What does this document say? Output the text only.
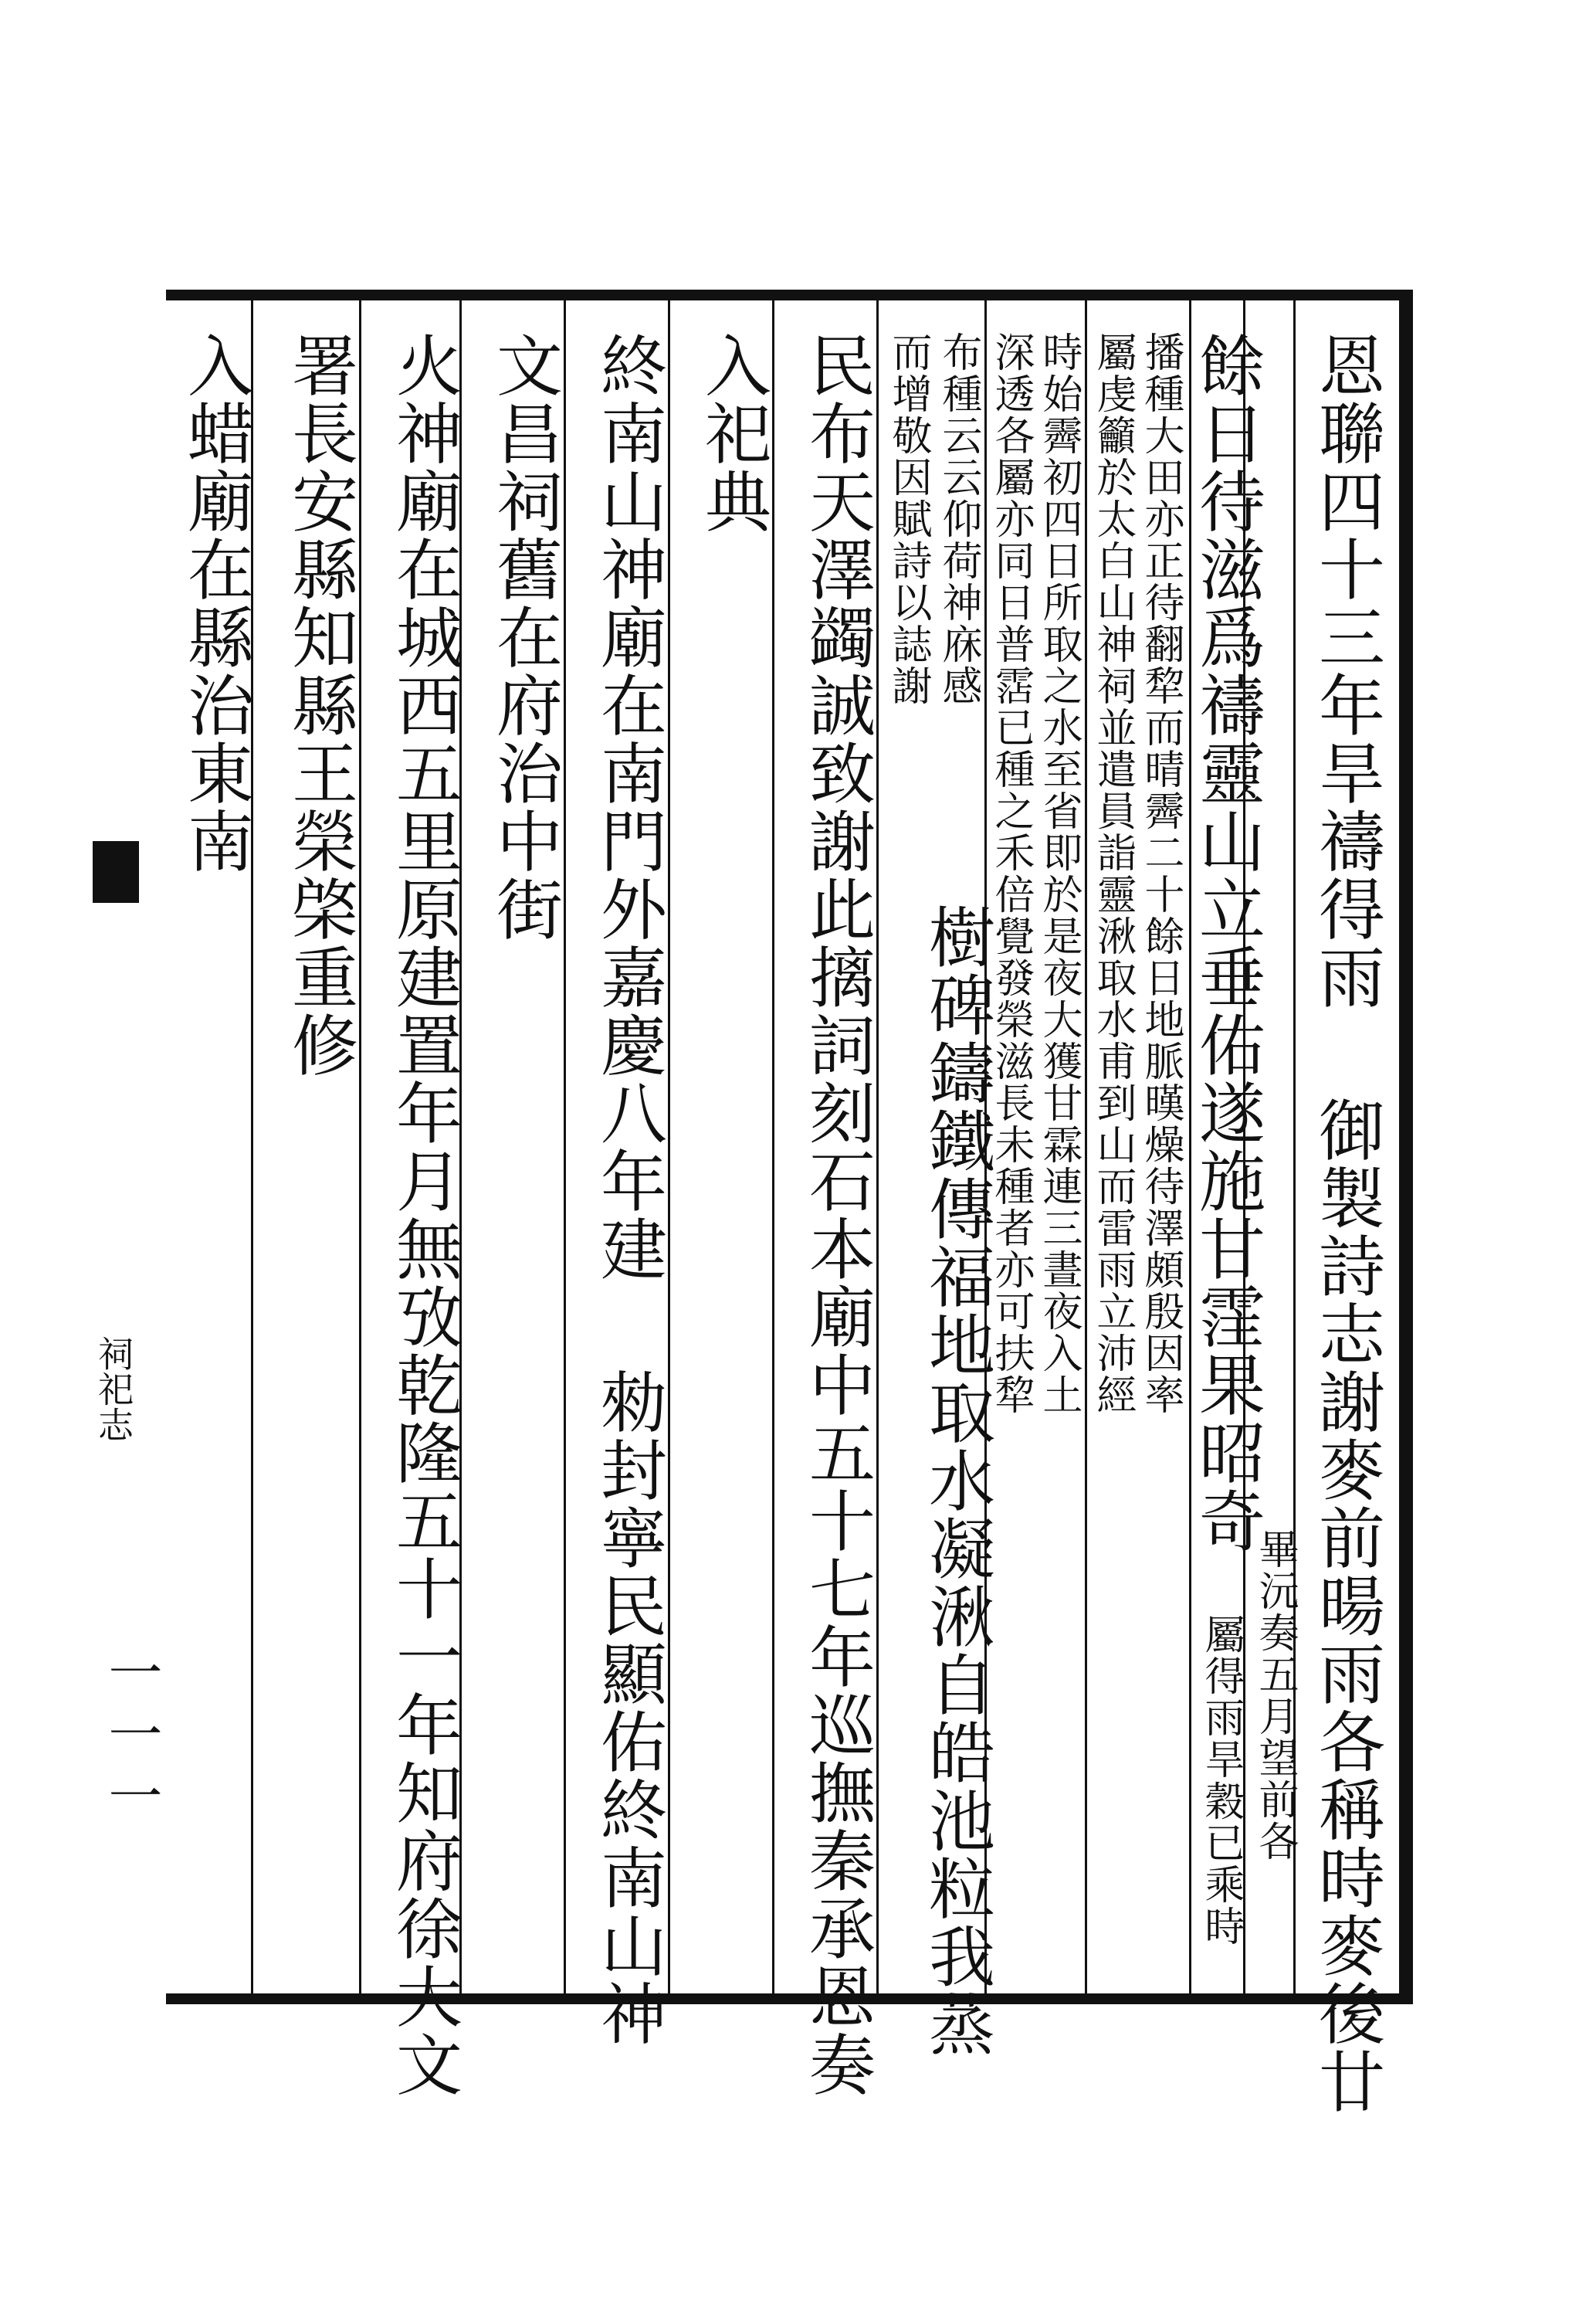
恩聯四十三年旱禱得雨御製詩志謝麥前暘雨各稱時麥後廿
餘日待滋爲禱靈山立垂佑遂施甘霔果昭奇
畢沅奏五月望前各
屬得雨旱穀已乘時
播種大田亦正待翻犂而晴霽二十餘日地脈暵燥待澤頗殷因率
屬虔籲於太白山神祠並遣員詣靈湫取水甫到山而雷雨立沛經
時始霽初四日所取之水至省即於是夜大獲甘霖連三晝夜入土
深透各屬亦同日普霑已種之禾倍覺發榮滋長未種者亦可扶犂
布種云云仰荷神庥感
樹碑鑄鐵傳福地取水凝湫自皓池粒我蒸
而增敬因賦詩以誌謝
民布天澤蠲誠致謝此摛詞刻石本廟中五十七年巡撫秦承恩奏
入祀典
終南山神廟在南門外嘉慶八年建勑封寧民顯佑終南山神
文昌祠舊在府治中街
火神廟在城西五里原建置年月無攷乾隆五十一年知府徐大文
署長安縣知縣王榮棨重修
入蜡廟在縣治東南
祠祀志
一一一
